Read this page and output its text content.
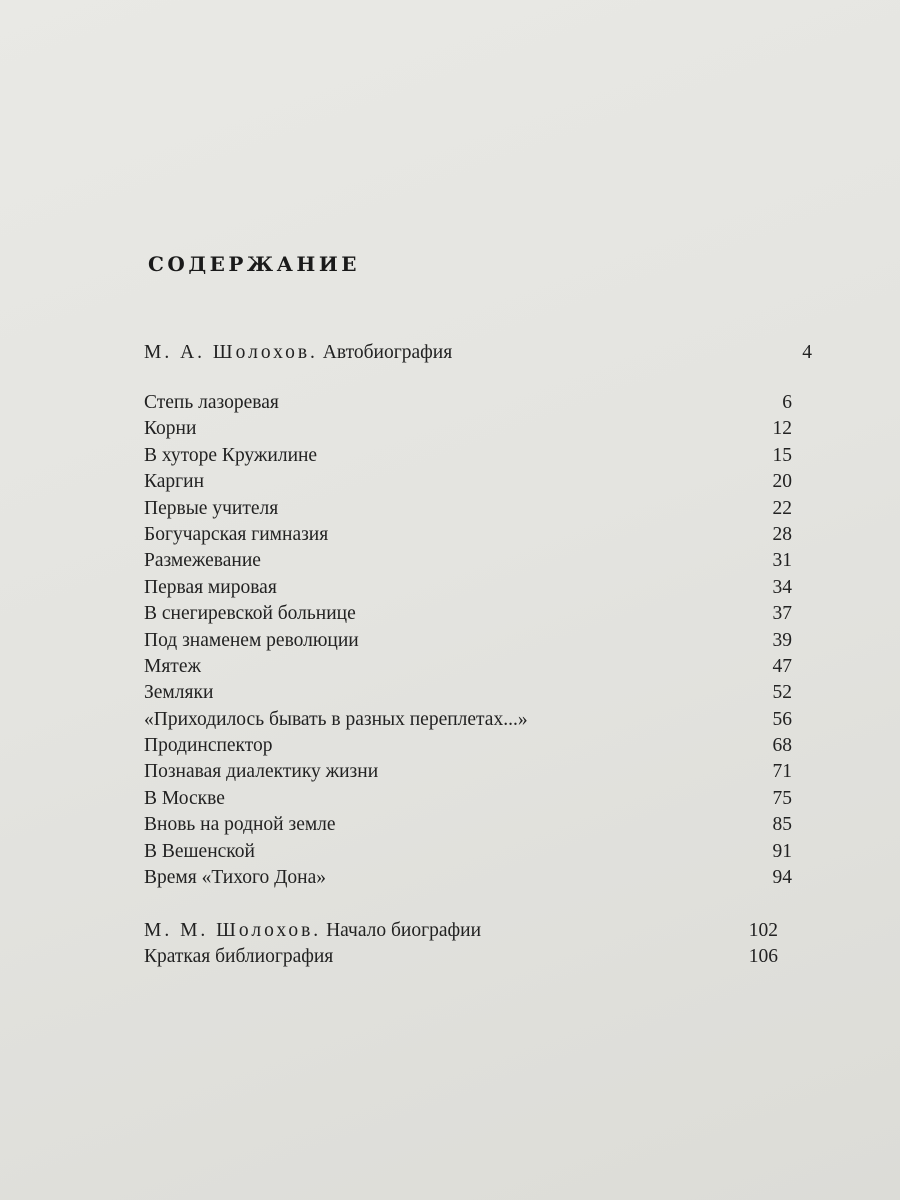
СОДЕРЖАНИЕ
М. А. Шолохов. Автобиография	4
Степь лазоревая	6
Корни	12
В хуторе Кружилине	15
Каргин	20
Первые учителя	22
Богучарская гимназия	28
Размежевание	31
Первая мировая	34
В снегиревской больнице	37
Под знаменем революции	39
Мятеж	47
Земляки	52
«Приходилось бывать в разных переплетах...»	56
Продинспектор	68
Познавая диалектику жизни	71
В Москве	75
Вновь на родной земле	85
В Вешенской	91
Время «Тихого Дона»	94
М. М. Шолохов. Начало биографии	102
Краткая библиография	106
